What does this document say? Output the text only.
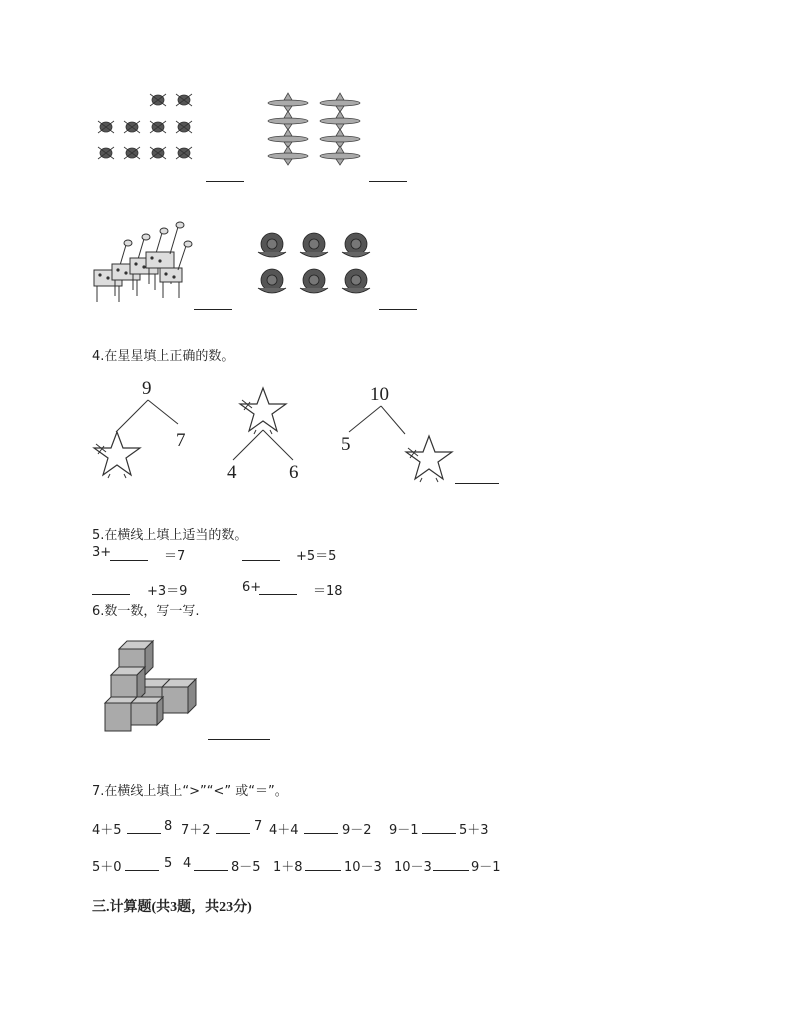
4.在星星填上正确的数。
9
7
4	6
10
5
5.在横线上填上适当的数。
3+	＝7	+5＝5
+3＝9	6+	＝18
6.数一数，写一写.
7.在横线上填上“>”“<” 或“＝”。
4＋5	8 7＋2	7 4＋4	9－2 9－1	5＋3
5＋0	5 4	8－5 1＋8	10－3 10－3	9－1
三.计算题(共3题，共23分)
